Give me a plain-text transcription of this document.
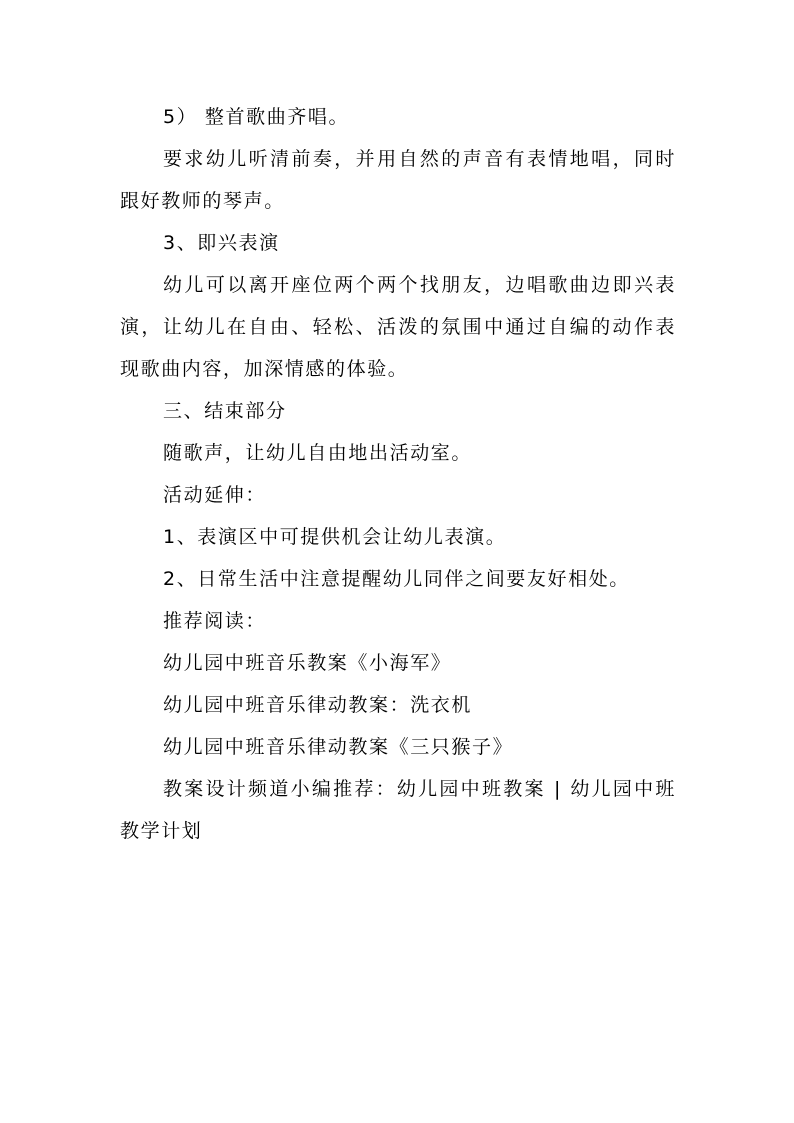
5） 整首歌曲齐唱。

要求幼儿听清前奏，并用自然的声音有表情地唱，同时跟好教师的琴声。

3、即兴表演

幼儿可以离开座位两个两个找朋友，边唱歌曲边即兴表演，让幼儿在自由、轻松、活泼的氛围中通过自编的动作表现歌曲内容，加深情感的体验。

三、结束部分

随歌声，让幼儿自由地出活动室。

活动延伸：

1、表演区中可提供机会让幼儿表演。

2、日常生活中注意提醒幼儿同伴之间要友好相处。

推荐阅读：

幼儿园中班音乐教案《小海军》

幼儿园中班音乐律动教案：洗衣机

幼儿园中班音乐律动教案《三只猴子》

教案设计频道小编推荐：幼儿园中班教案 | 幼儿园中班教学计划
